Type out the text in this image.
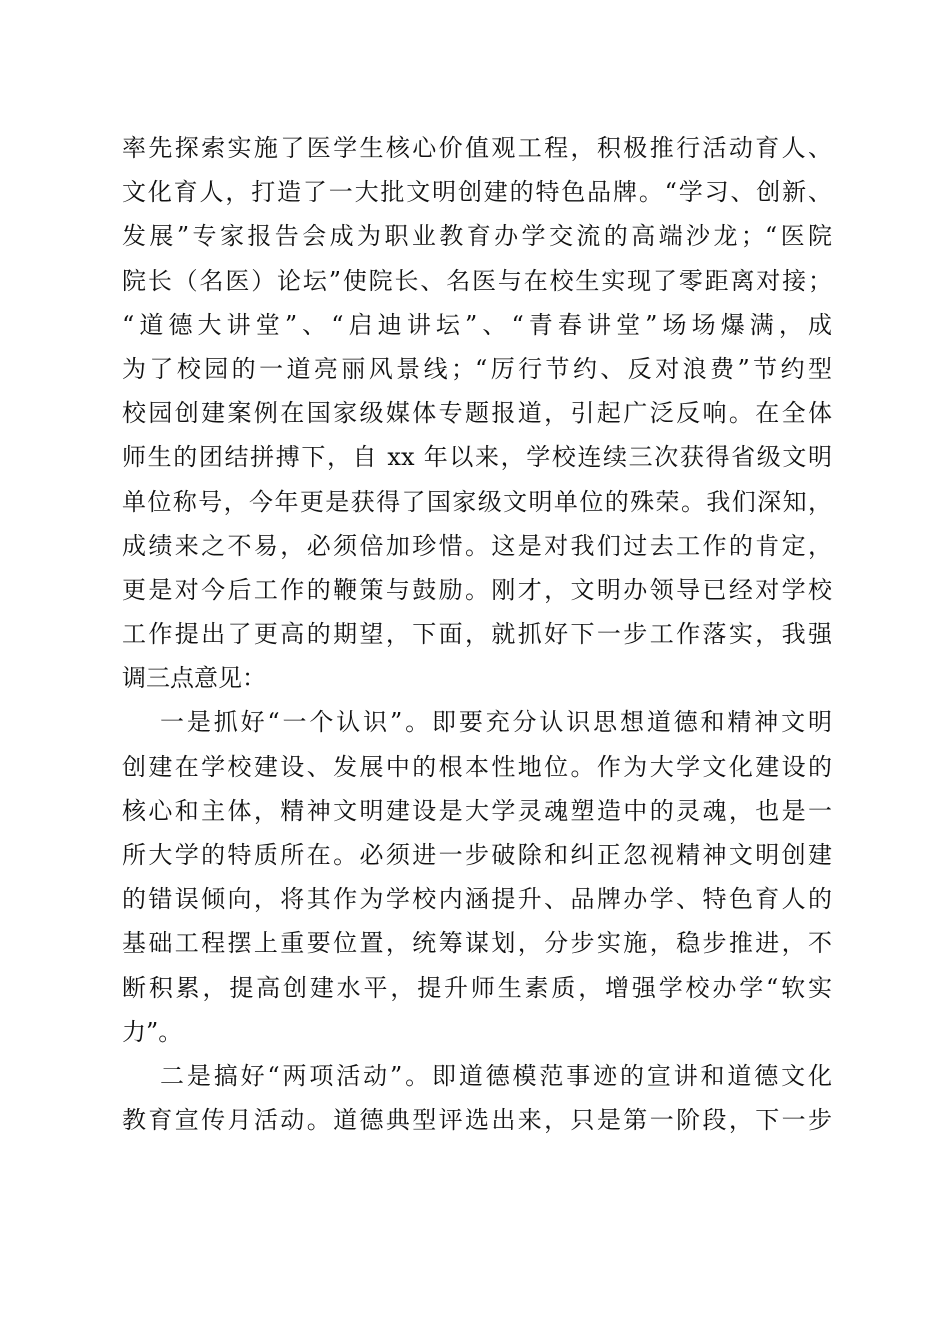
率先探索实施了医学生核心价值观工程，积极推行活动育人、
文化育人，打造了一大批文明创建的特色品牌。“学习、创新、
发展”专家报告会成为职业教育办学交流的高端沙龙；“医院
院长（名医）论坛”使院长、名医与在校生实现了零距离对接；
“道德大讲堂”、“启迪讲坛”、“青春讲堂”场场爆满，成
为了校园的一道亮丽风景线；“厉行节约、反对浪费”节约型
校园创建案例在国家级媒体专题报道，引起广泛反响。在全体
师生的团结拼搏下，自 xx 年以来，学校连续三次获得省级文明
单位称号，今年更是获得了国家级文明单位的殊荣。我们深知，
成绩来之不易，必须倍加珍惜。这是对我们过去工作的肯定，
更是对今后工作的鞭策与鼓励。刚才，文明办领导已经对学校
工作提出了更高的期望，下面，就抓好下一步工作落实，我强
调三点意见：
一是抓好“一个认识”。即要充分认识思想道德和精神文明
创建在学校建设、发展中的根本性地位。作为大学文化建设的
核心和主体，精神文明建设是大学灵魂塑造中的灵魂，也是一
所大学的特质所在。必须进一步破除和纠正忽视精神文明创建
的错误倾向，将其作为学校内涵提升、品牌办学、特色育人的
基础工程摆上重要位置，统筹谋划，分步实施，稳步推进，不
断积累，提高创建水平，提升师生素质，增强学校办学“软实
力”。
二是搞好“两项活动”。即道德模范事迹的宣讲和道德文化
教育宣传月活动。道德典型评选出来，只是第一阶段，下一步
